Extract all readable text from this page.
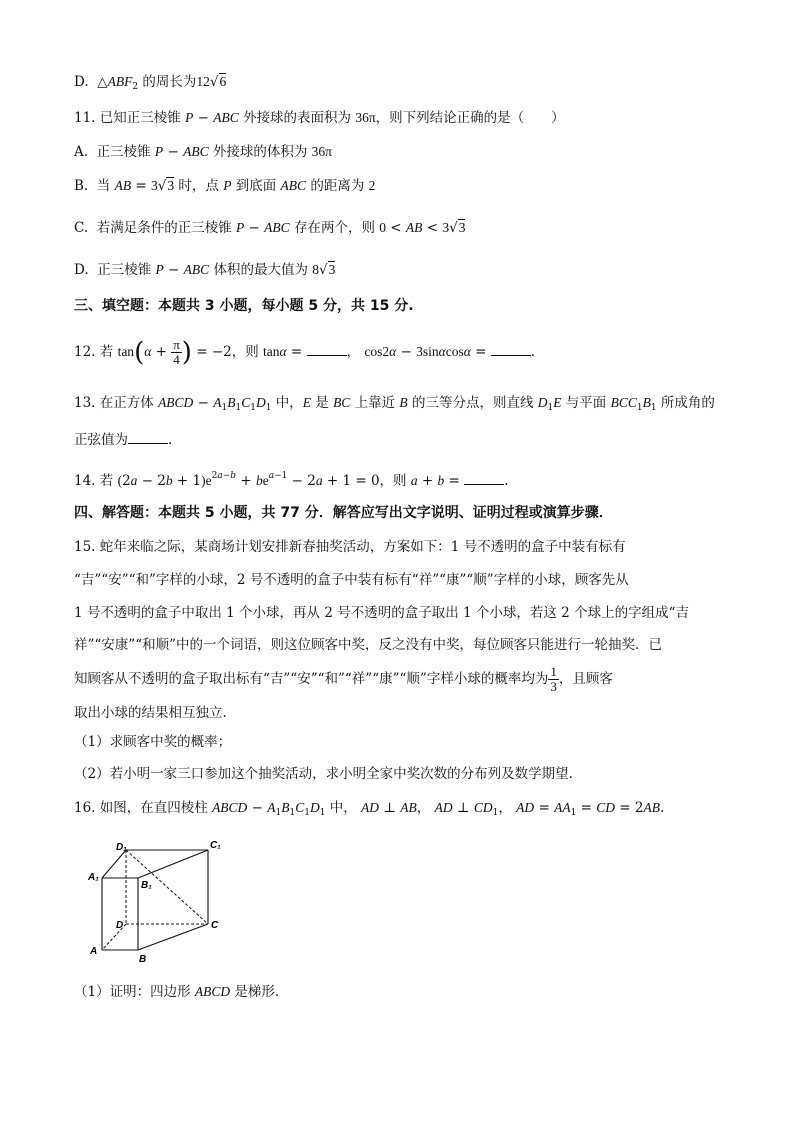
D.  $\triangle ABF_2$ 的周长为12√6
11. 已知正三棱锥 P − ABC 外接球的表面积为 36π，则下列结论正确的是（　　）
A.  正三棱锥 P − ABC 外接球的体积为 36π
B.  当 AB = 3√3 时，点 P 到底面 ABC 的距离为 2
C.  若满足条件的正三棱锥 P − ABC 存在两个，则 0 < AB < 3√3
D.  正三棱锥 P − ABC 体积的最大值为 8√3
三、填空题：本题共 3 小题，每小题 5 分，共 15 分.
12. 若 $\tan(\alpha + \frac{\pi}{4}$ ) = −2，则 tanα =	， cos2α − 3sinαcosα =	.
13. 在正方体 ABCD − $A_1B_1C_1D_1$ 中，E 是 BC 上靠近 B 的三等分点，则直线 $D_1E$ 与平面 $BCC_1B_1$ 所成角的
正弦值为	.
14. 若 $(2a - 2b + 1)e^{2a-b} + be^{a-1} - 2a + 1 = 0$，则 a + b =	.
四、解答题：本题共 5 小题，共 77 分．解答应写出文字说明、证明过程或演算步骤．
15. 蛇年来临之际，某商场计划安排新春抽奖活动，方案如下：1 号不透明的盒子中装有标有
“吉”“安”“和”字样的小球，2 号不透明的盒子中装有标有“祥”“康”“顺”字样的小球，顾客先从
1 号不透明的盒子中取出 1 个小球，再从 2 号不透明的盒子取出 1 个小球，若这 2 个球上的字组成“吉
祥”“安康”“和顺”中的一个词语，则这位顾客中奖，反之没有中奖，每位顾客只能进行一轮抽奖．已
知顾客从不透明的盒子取出标有“吉”“安”“和”“祥”“康”“顺”字样小球的概率均为 $\frac{1}{3}$ ，且顾客
取出小球的结果相互独立.
（1）求顾客中奖的概率；
（2）若小明一家三口参加这个抽奖活动，求小明全家中奖次数的分布列及数学期望.
16. 如图，在直四棱柱 ABCD − $A_1B_1C_1D_1$ 中， AD ⊥ AB， AD ⊥ $CD_1$， AD = $AA_1$ = CD = 2AB.
D₁	C₁
A₁
B₁
D	C
A
B
（1）证明：四边形 ABCD 是梯形.
